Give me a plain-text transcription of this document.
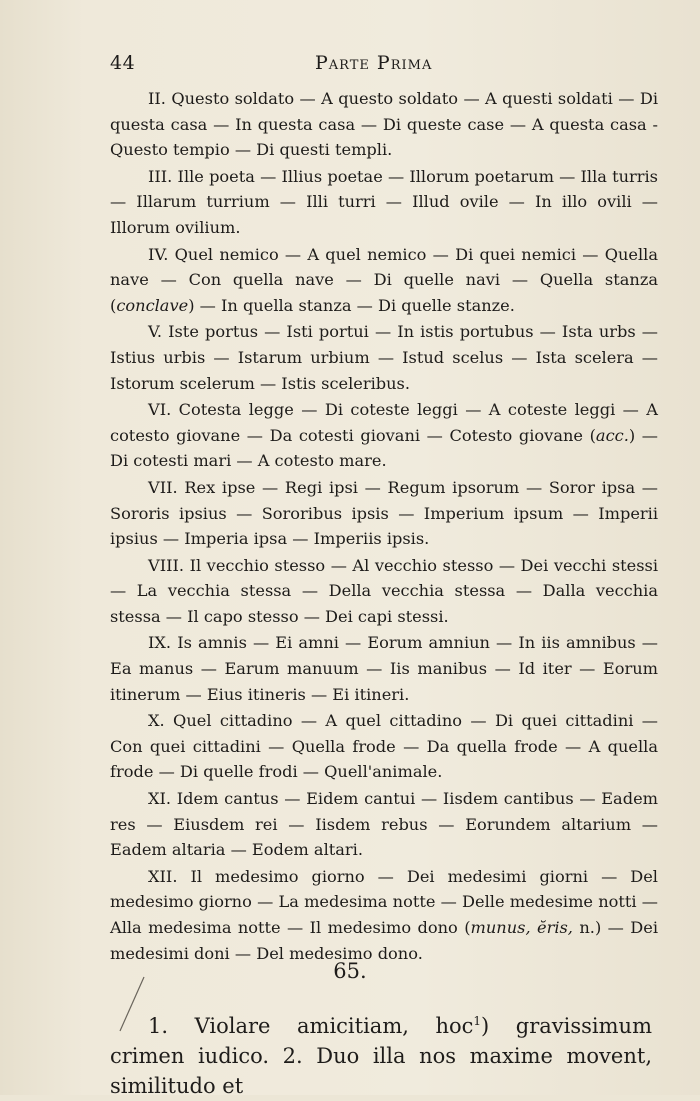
44	Parte Prima

II. Questo soldato — A questo soldato — A questi soldati — Di questa casa — In questa casa — Di queste case — A questa casa - Questo tempio — Di questi templi.

III. Ille poeta — Illius poetae — Illorum poetarum — Illa turris — Illarum turrium — Illi turri — Illud ovile — In illo ovili — Illorum ovilium.

IV. Quel nemico — A quel nemico — Di quei nemici — Quella nave — Con quella nave — Di quelle navi — Quella stanza (conclave) — In quella stanza — Di quelle stanze.

V. Iste portus — Isti portui — In istis portubus — Ista urbs — Istius urbis — Istarum urbium — Istud scelus — Ista scelera — Istorum scelerum — Istis sceleribus.

VI. Cotesta legge — Di coteste leggi — A coteste leggi — A cotesto giovane — Da cotesti giovani — Cotesto giovane (acc.) — Di cotesti mari — A cotesto mare.

VII. Rex ipse — Regi ipsi — Regum ipsorum — Soror ipsa — Sororis ipsius — Sororibus ipsis — Imperium ipsum — Imperii ipsius — Imperia ipsa — Imperiis ipsis.

VIII. Il vecchio stesso — Al vecchio stesso — Dei vecchi stessi — La vecchia stessa — Della vecchia stessa — Dalla vecchia stessa — Il capo stesso — Dei capi stessi.

IX. Is amnis — Ei amni — Eorum amniun — In iis amnibus — Ea manus — Earum manuum — Iis manibus — Id iter — Eorum itinerum — Eius itineris — Ei itineri.

X. Quel cittadino — A quel cittadino — Di quei cittadini — Con quei cittadini — Quella frode — Da quella frode — A quella frode — Di quelle frodi — Quell'animale.

XI. Idem cantus — Eidem cantui — Iisdem cantibus — Eadem res — Eiusdem rei — Iisdem rebus — Eorundem altarium — Eadem altaria — Eodem altari.

XII. Il medesimo giorno — Dei medesimi giorni — Del medesimo giorno — La medesima notte — Delle medesime notti — Alla medesima notte — Il medesimo dono (munus, ĕris, n.) — Dei medesimi doni — Del medesimo dono.

65.

1. Violare amicitiam, hoc$^1$) gravissimum crimen iudico. 2. Duo illa nos maxime movent, similitudo et
